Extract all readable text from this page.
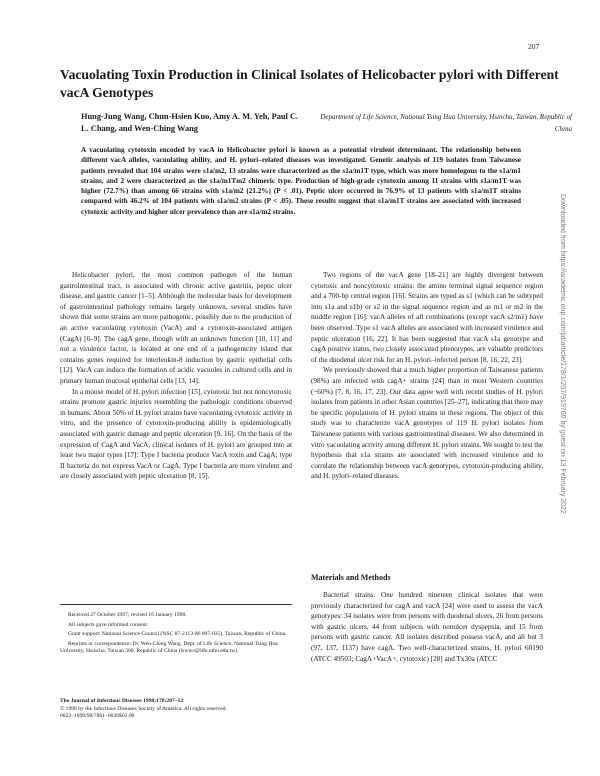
207
Vacuolating Toxin Production in Clinical Isolates of Helicobacter pylori with Different vacA Genotypes
Hung-Jung Wang, Chun-Hsien Kuo, Amy A. M. Yeh, Paul C. L. Chang, and Wen-Ching Wang
Department of Life Science, National Tsing Hua University, Hsinchu, Taiwan, Republic of China

A vacuolating cytotoxin encoded by vacA in Helicobacter pylori is known as a potential virulent determinant. The relationship between different vacA alleles, vacuolating ability, and H. pylori–related diseases was investigated. Genetic analysis of 119 isolates from Taiwanese patients revealed that 104 strains were s1a/m2, 13 strains were characterized as the s1a/m1T type, which was more homologous to the s1a/m1 strains, and 2 were characterized as the s1a/m1Tm2 chimeric type. Production of high-grade cytotoxin among 11 strains with s1a/m1T was higher (72.7%) than among 66 strains with s1a/m2 (21.2%) (P < .01). Peptic ulcer occurred in 76.9% of 13 patients with s1a/m1T strains compared with 46.2% of 104 patients with s1a/m2 strains (P < .05). These results suggest that s1a/m1T strains are associated with increased cytotoxic activity and higher ulcer prevalence than are s1a/m2 strains.

Helicobacter pylori, the most common pathogen of the human gastrointestinal tract, is associated with chronic active gastritis, peptic ulcer disease, and gastric cancer [1–5]. Although the molecular basis for development of gastrointestinal pathology remains largely unknown, several studies have shown that some strains are more pathogenic, possibly due to the production of an active vacuolating cytotoxin (VacA) and a cytotoxin-associated antigen (CagA) [6–9]. The cagA gene, though with an unknown function [10, 11] and not a virulence factor, is located at one end of a pathogenicity island that contains genes required for interleukin-8 induction by gastric epithelial cells [12]. VacA can induce the formation of acidic vacuoles in cultured cells and in primary human mucosal epithelial cells [13, 14].

In a mouse model of H. pylori infection [15], cytotoxic but not noncytotoxic strains promote gastric injuries resembling the pathologic conditions observed in humans. About 50% of H. pylori strains have vacuolating cytotoxic activity in vitro, and the presence of cytotoxin-producing ability is epidemiologically associated with gastric damage and peptic ulceration [9, 16]. On the basis of the expression of CagA and VacA, clinical isolates of H. pylori are grouped into at least two major types [17]: Type I bacteria produce VacA toxin and CagA; type II bacteria do not express VacA or CagA. Type I bacteria are more virulent and are closely associated with peptic ulceration [8, 15].

Two regions of the vacA gene [18–21] are highly divergent between cytotoxic and noncytotoxic strains: the amino terminal signal sequence region and a 700-bp central region [16]. Strains are typed as s1 (which can be subtyped into s1a and s1b) or s2 in the signal sequence region and as m1 or m2 in the middle region [16]. vacA alleles of all combinations (except vacA s2/m1) have been observed. Type s1 vacA alleles are associated with increased virulence and peptic ulceration [16, 22]. It has been suggested that vacA s1a genotype and cagA positive status, two closely associated phenotypes, are valuable predictors of the duodenal ulcer risk for an H. pylori–infected person [8, 16, 22, 23].

We previously showed that a much higher proportion of Taiwanese patients (98%) are infected with cagA+ strains [24] than in most Western countries (~60%) [7, 8, 16, 17, 23]. Our data agree well with recent studies of H. pylori isolates from patients in other Asian countries [25–27], indicating that there may be specific populations of H. pylori strains in these regions. The object of this study was to characterize vacA genotypes of 119 H. pylori isolates from Taiwanese patients with various gastrointestinal diseases. We also determined in vitro vacuolating activity among different H. pylori strains. We sought to test the hypothesis that s1a strains are associated with increased virulence and to correlate the relationship between vacA genotypes, cytotoxin-producing ability, and H. pylori–related diseases.

Materials and Methods

Bacterial strains. One hundred nineteen clinical isolates that were previously characterized for cagA and vacA [24] were used to assess the vacA genotypes: 34 isolates were from persons with duodenal ulcers, 26 from persons with gastric ulcers, 44 from subjects with nonulcer dyspepsia, and 15 from persons with gastric cancer. All isolates described possess vacA, and all but 3 (97, 137, 1137) have cagA. Two well-characterized strains, H. pylori 60190 (ATCC 49503; CagA+VacA+, cytotoxic) [28] and Tx30a (ATCC

Received 27 October 1997; revised 16 January 1998.

All subjects gave informed consent.

Grant support: National Science Council (NSC 87-2113-M-007-035), Taiwan, Republic of China.

Reprints or correspondence: Dr. Wen-Ching Wang, Dept. of Life Science, National Tsing Hua University, Hsinchu, Taiwan 300, Republic of China (lswwc@life.nthu.edu.tw).

The Journal of Infectious Diseases 1998;178:207–12

© 1998 by the Infectious Diseases Society of America. All rights reserved.

0022–1899/98/7801–0026$02.00

Downloaded from https://academic.oup.com/jid/article/178/1/207/919760 by guest on 13 February 2022
